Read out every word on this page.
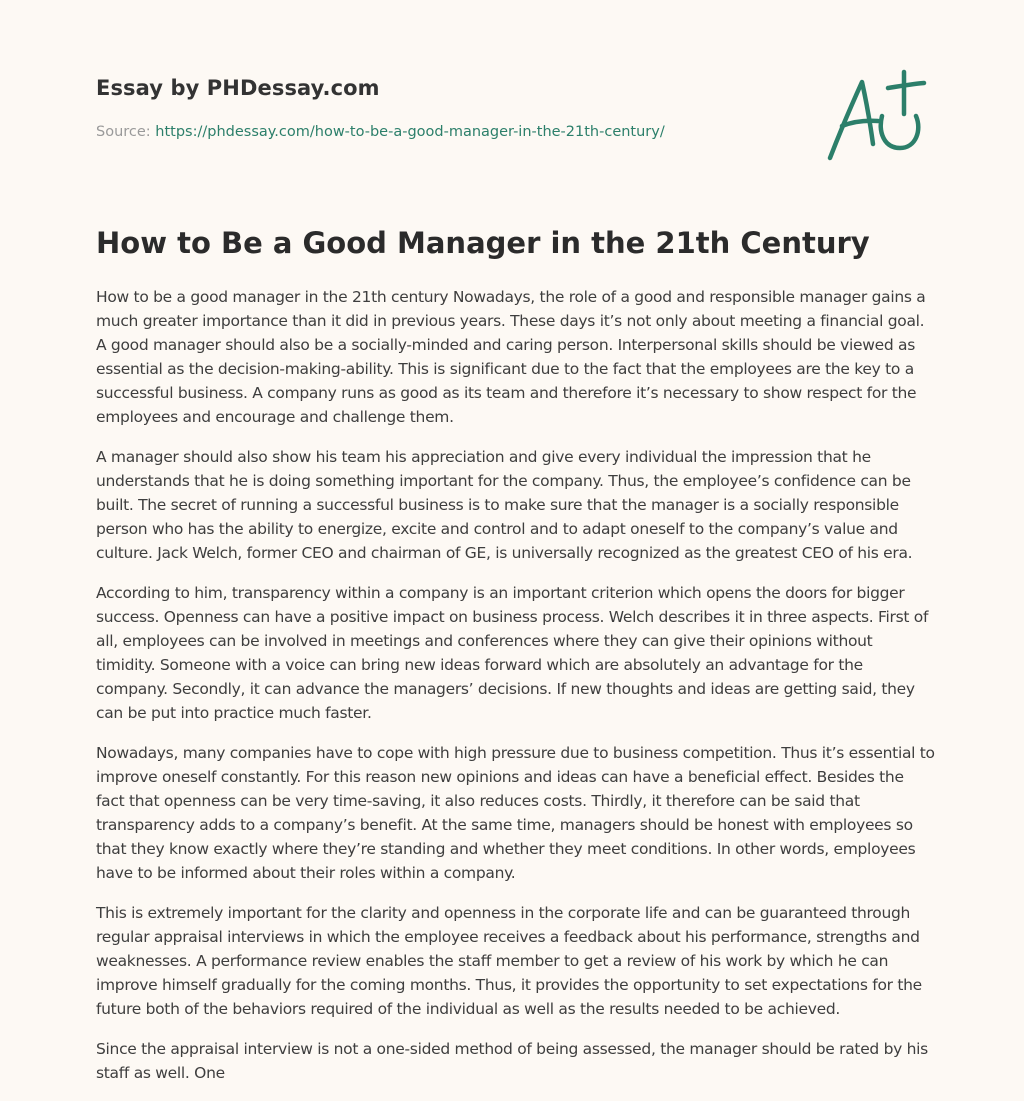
Essay by PHDessay.com
Source: https://phdessay.com/how-to-be-a-good-manager-in-the-21th-century/
How to Be a Good Manager in the 21th Century

How to be a good manager in the 21th century Nowadays, the role of a good and responsible manager gains a much greater importance than it did in previous years. These days it’s not only about meeting a financial goal. A good manager should also be a socially-minded and caring person. Interpersonal skills should be viewed as essential as the decision-making-ability. This is significant due to the fact that the employees are the key to a successful business. A company runs as good as its team and therefore it’s necessary to show respect for the employees and encourage and challenge them.

A manager should also show his team his appreciation and give every individual the impression that he understands that he is doing something important for the company. Thus, the employee’s confidence can be built. The secret of running a successful business is to make sure that the manager is a socially responsible person who has the ability to energize, excite and control and to adapt oneself to the company’s value and culture. Jack Welch, former CEO and chairman of GE, is universally recognized as the greatest CEO of his era.

According to him, transparency within a company is an important criterion which opens the doors for bigger success. Openness can have a positive impact on business process. Welch describes it in three aspects. First of all, employees can be involved in meetings and conferences where they can give their opinions without timidity. Someone with a voice can bring new ideas forward which are absolutely an advantage for the company. Secondly, it can advance the managers’ decisions. If new thoughts and ideas are getting said, they can be put into practice much faster.

Nowadays, many companies have to cope with high pressure due to business competition. Thus it’s essential to improve oneself constantly. For this reason new opinions and ideas can have a beneficial effect. Besides the fact that openness can be very time-saving, it also reduces costs. Thirdly, it therefore can be said that transparency adds to a company’s benefit. At the same time, managers should be honest with employees so that they know exactly where they’re standing and whether they meet conditions. In other words, employees have to be informed about their roles within a company.

This is extremely important for the clarity and openness in the corporate life and can be guaranteed through regular appraisal interviews in which the employee receives a feedback about his performance, strengths and weaknesses. A performance review enables the staff member to get a review of his work by which he can improve himself gradually for the coming months. Thus, it provides the opportunity to set expectations for the future both of the behaviors required of the individual as well as the results needed to be achieved.

Since the appraisal interview is not a one-sided method of being assessed, the manager should be rated by his staff as well. One
